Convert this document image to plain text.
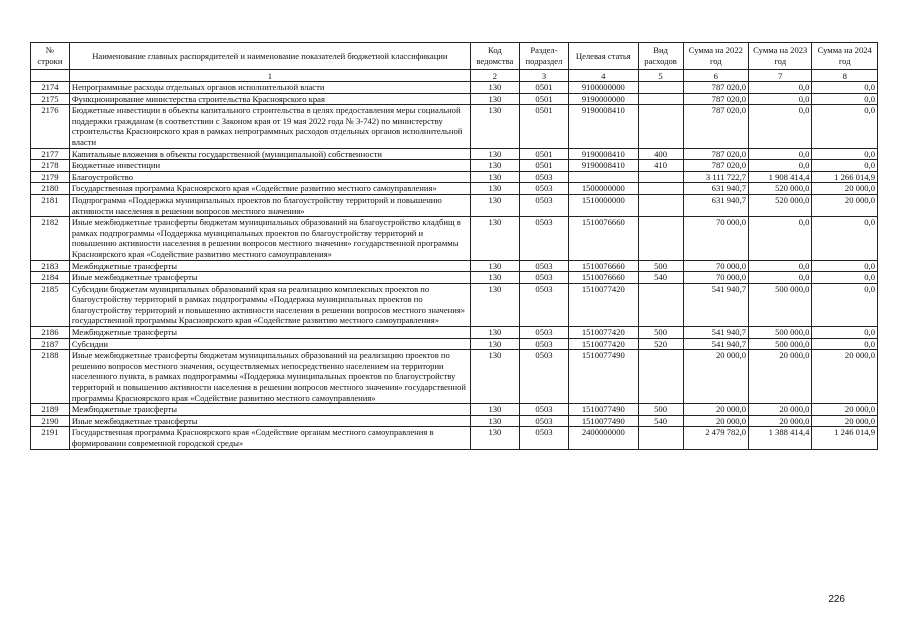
№ строки	Наименование главных распорядителей и наименование показателей бюджетной классификации	Код ведомства	Раздел-подраздел	Целевая статья	Вид расходов	Сумма на 2022 год	Сумма на 2023 год	Сумма на 2024 год
	1	2	3	4	5	6	7	8
2174	Непрограммные расходы отдельных органов исполнительной власти	130	0501	9100000000		787 020,0	0,0	0,0
2175	Функционирование министерства строительства Красноярского края	130	0501	9190000000		787 020,0	0,0	0,0
2176	Бюджетные инвестиции в объекты капитального строительства в целях предоставления меры социальной поддержки гражданам (в соответствии с Законом края от 19 мая 2022 года № 3-742) по министерству строительства Красноярского края в рамках непрограммных расходов отдельных органов исполнительной власти	130	0501	9190008410		787 020,0	0,0	0,0
2177	Капитальные вложения в объекты государственной (муниципальной) собственности	130	0501	9190008410	400	787 020,0	0,0	0,0
2178	Бюджетные инвестиции	130	0501	9190008410	410	787 020,0	0,0	0,0
2179	Благоустройство	130	0503			3 111 722,7	1 908 414,4	1 266 014,9
2180	Государственная программа Красноярского края «Содействие развитию местного самоуправления»	130	0503	1500000000		631 940,7	520 000,0	20 000,0
2181	Подпрограмма «Поддержка муниципальных проектов по благоустройству территорий и повышению активности населения в решении вопросов местного значения»	130	0503	1510000000		631 940,7	520 000,0	20 000,0
2182	Иные межбюджетные трансферты бюджетам муниципальных образований на благоустройство кладбищ в рамках подпрограммы «Поддержка муниципальных проектов по благоустройству территорий и повышению активности населения в решении вопросов местного значения» государственной программы Красноярского края «Содействие развитию местного самоуправления»	130	0503	1510076660		70 000,0	0,0	0,0
2183	Межбюджетные трансферты	130	0503	1510076660	500	70 000,0	0,0	0,0
2184	Иные межбюджетные трансферты	130	0503	1510076660	540	70 000,0	0,0	0,0
2185	Субсидии бюджетам муниципальных образований края на реализацию комплексных проектов по благоустройству территорий в рамках подпрограммы «Поддержка муниципальных проектов по благоустройству территорий и повышению активности населения в решении вопросов местного значения» государственной программы Красноярского края «Содействие развитию местного самоуправления»	130	0503	1510077420		541 940,7	500 000,0	0,0
2186	Межбюджетные трансферты	130	0503	1510077420	500	541 940,7	500 000,0	0,0
2187	Субсидии	130	0503	1510077420	520	541 940,7	500 000,0	0,0
2188	Иные межбюджетные трансферты бюджетам муниципальных образований на реализацию проектов по решению вопросов местного значения, осуществляемых непосредственно населением на территории населенного пункта, в рамках подпрограммы «Поддержка муниципальных проектов по благоустройству территорий и повышению активности населения в решении вопросов местного значения» государственной программы Красноярского края «Содействие развитию местного самоуправления»	130	0503	1510077490		20 000,0	20 000,0	20 000,0
2189	Межбюджетные трансферты	130	0503	1510077490	500	20 000,0	20 000,0	20 000,0
2190	Иные межбюджетные трансферты	130	0503	1510077490	540	20 000,0	20 000,0	20 000,0
2191	Государственная программа Красноярского края «Содействие органам местного самоуправления в формировании современной городской среды»	130	0503	2400000000		2 479 782,0	1 388 414,4	1 246 014,9
226
